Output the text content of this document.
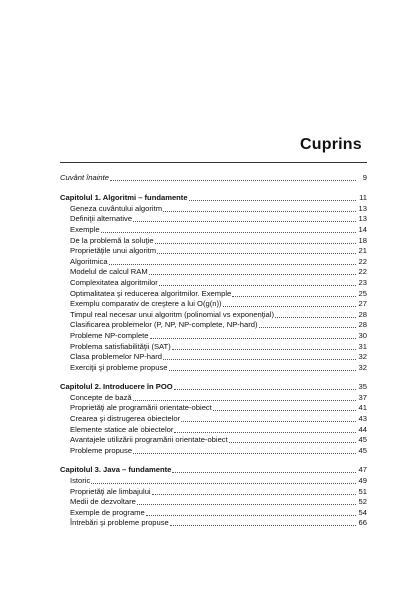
Cuprins
Cuvânt înainte	9
Capitolul 1. Algoritmi – fundamente	11
Geneza cuvântului algoritm	13
Definiţii alternative	13
Exemple	14
De la problemă la soluţie	18
Proprietăţile unui algoritm	21
Algoritmica	22
Modelul de calcul RAM	22
Complexitatea algoritmilor	23
Optimalitatea şi reducerea algoritmilor. Exemple	25
Exemplu comparativ de creştere a lui O(g(n))	27
Timpul real necesar unui algoritm (polinomial vs exponenţial)	28
Clasificarea problemelor (P, NP, NP-complete, NP-hard)	28
Probleme NP-complete	30
Problema satisfiabilităţii (SAT)	31
Clasa problemelor NP-hard	32
Exerciţii şi probleme propuse	32
Capitolul 2. Introducere în POO	35
Concepte de bază	37
Proprietăţi ale programării orientate-obiect	41
Crearea şi distrugerea obiectelor	43
Elemente statice ale obiectelor	44
Avantajele utilizării programării orientate-obiect	45
Probleme propuse	45
Capitolul 3. Java – fundamente	47
Istoric	49
Proprietăţi ale limbajului	51
Medii de dezvoltare	52
Exemple de programe	54
Întrebări şi probleme propuse	66
